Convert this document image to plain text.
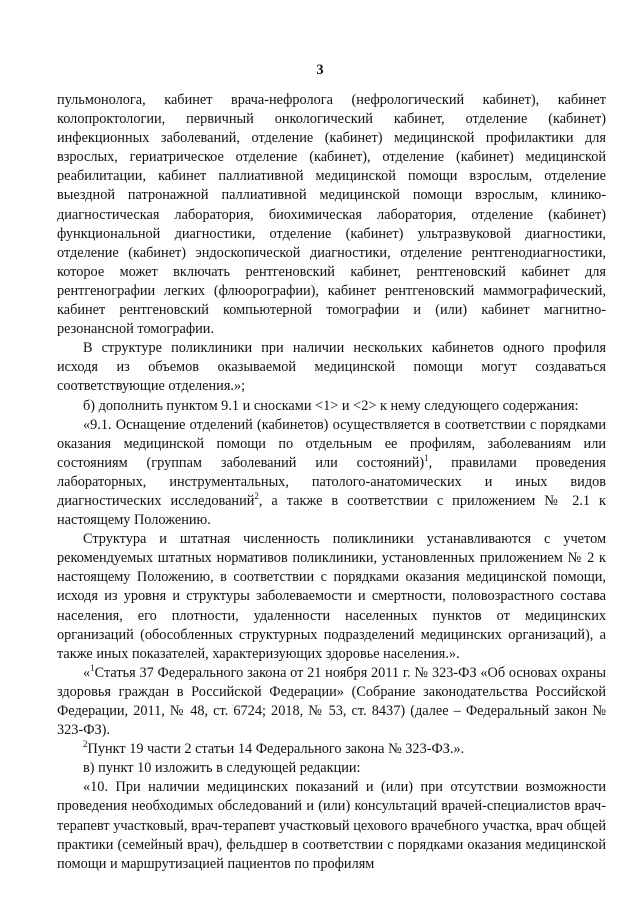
3

пульмонолога, кабинет врача-нефролога (нефрологический кабинет), кабинет колопроктологии, первичный онкологический кабинет, отделение (кабинет) инфекционных заболеваний, отделение (кабинет) медицинской профилактики для взрослых, гериатрическое отделение (кабинет), отделение (кабинет) медицинской реабилитации, кабинет паллиативной медицинской помощи взрослым, отделение выездной патронажной паллиативной медицинской помощи взрослым, клинико-диагностическая лаборатория, биохимическая лаборатория, отделение (кабинет) функциональной диагностики, отделение (кабинет) ультразвуковой диагностики, отделение (кабинет) эндоскопической диагностики, отделение рентгенодиагностики, которое может включать рентгеновский кабинет, рентгеновский кабинет для рентгенографии легких (флюорографии), кабинет рентгеновский маммографический, кабинет рентгеновский компьютерной томографии и (или) кабинет магнитно-резонансной томографии.

В структуре поликлиники при наличии нескольких кабинетов одного профиля исходя из объемов оказываемой медицинской помощи могут создаваться соответствующие отделения.»;

б) дополнить пунктом 9.1 и сносками <1> и <2> к нему следующего содержания:

«9.1. Оснащение отделений (кабинетов) осуществляется в соответствии с порядками оказания медицинской помощи по отдельным ее профилям, заболеваниям или состояниям (группам заболеваний или состояний)$^1$, правилами проведения лабораторных, инструментальных, патолого-анатомических и иных видов диагностических исследований$^2$, а также в соответствии с приложением № 2.1 к настоящему Положению.

Структура и штатная численность поликлиники устанавливаются с учетом рекомендуемых штатных нормативов поликлиники, установленных приложением № 2 к настоящему Положению, в соответствии с порядками оказания медицинской помощи, исходя из уровня и структуры заболеваемости и смертности, половозрастного состава населения, его плотности, удаленности населенных пунктов от медицинских организаций (обособленных структурных подразделений медицинских организаций), а также иных показателей, характеризующих здоровье населения.».

«$^1$Статья 37 Федерального закона от 21 ноября 2011 г. № 323-ФЗ «Об основах охраны здоровья граждан в Российской Федерации» (Собрание законодательства Российской Федерации, 2011, № 48, ст. 6724; 2018, № 53, ст. 8437) (далее – Федеральный закон № 323-ФЗ).

$^2$Пункт 19 части 2 статьи 14 Федерального закона № 323-ФЗ.».

в) пункт 10 изложить в следующей редакции:

«10. При наличии медицинских показаний и (или) при отсутствии возможности проведения необходимых обследований и (или) консультаций врачей-специалистов врач-терапевт участковый, врач-терапевт участковый цехового врачебного участка, врач общей практики (семейный врач), фельдшер в соответствии с порядками оказания медицинской помощи и маршрутизацией пациентов по профилям
